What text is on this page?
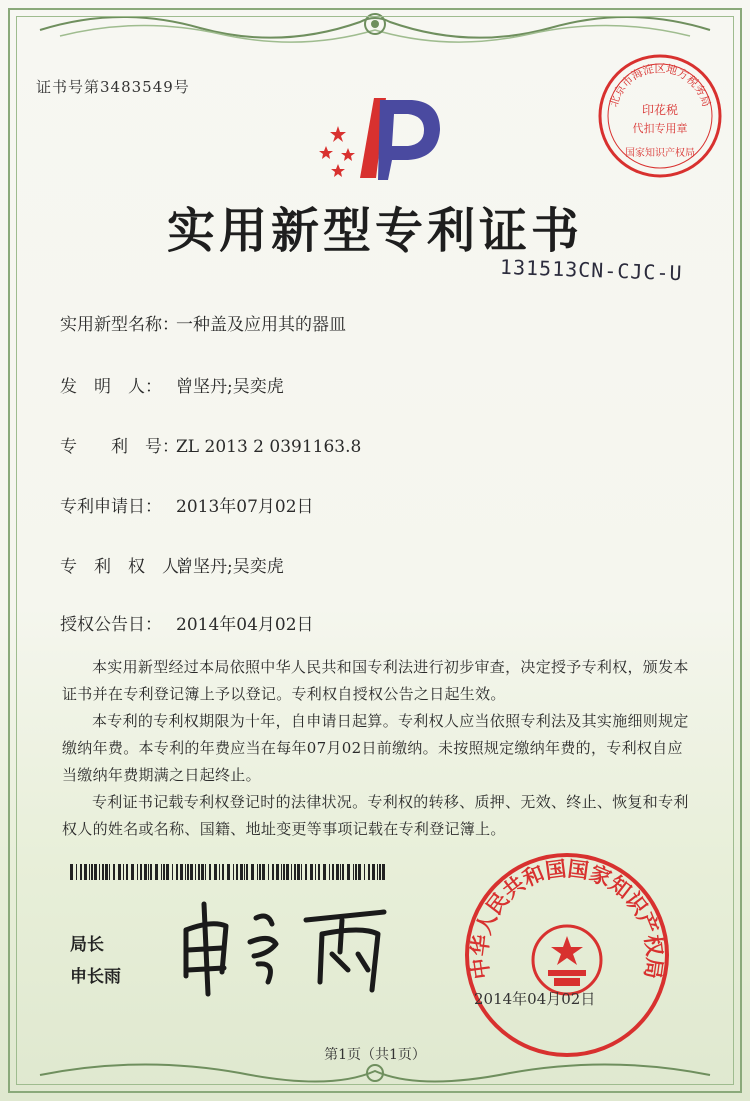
证书号第3483549号
北京市海淀区地方税务局
印花税
代扣专用章
国家知识产权局
实用新型专利证书
131513CN-CJC-U
实用新型名称：一种盖及应用其的器皿
发　明　人： 曾坚丹;吴奕虎
专　　利　号：ZL 2013 2 0391163.8
专利申请日： 2013年07月02日
专　利　权　人：曾坚丹;吴奕虎
授权公告日： 2014年04月02日

本实用新型经过本局依照中华人民共和国专利法进行初步审查，决定授予专利权，颁发本证书并在专利登记簿上予以登记。专利权自授权公告之日起生效。

本专利的专利权期限为十年，自申请日起算。专利权人应当依照专利法及其实施细则规定缴纳年费。本专利的年费应当在每年07月02日前缴纳。未按照规定缴纳年费的，专利权自应当缴纳年费期满之日起终止。

专利证书记载专利权登记时的法律状况。专利权的转移、质押、无效、终止、恢复和专利权人的姓名或名称、国籍、地址变更等事项记载在专利登记簿上。

局长
申长雨	中华人民共和国国家知识产权局
2014年04月02日
第1页（共1页）
